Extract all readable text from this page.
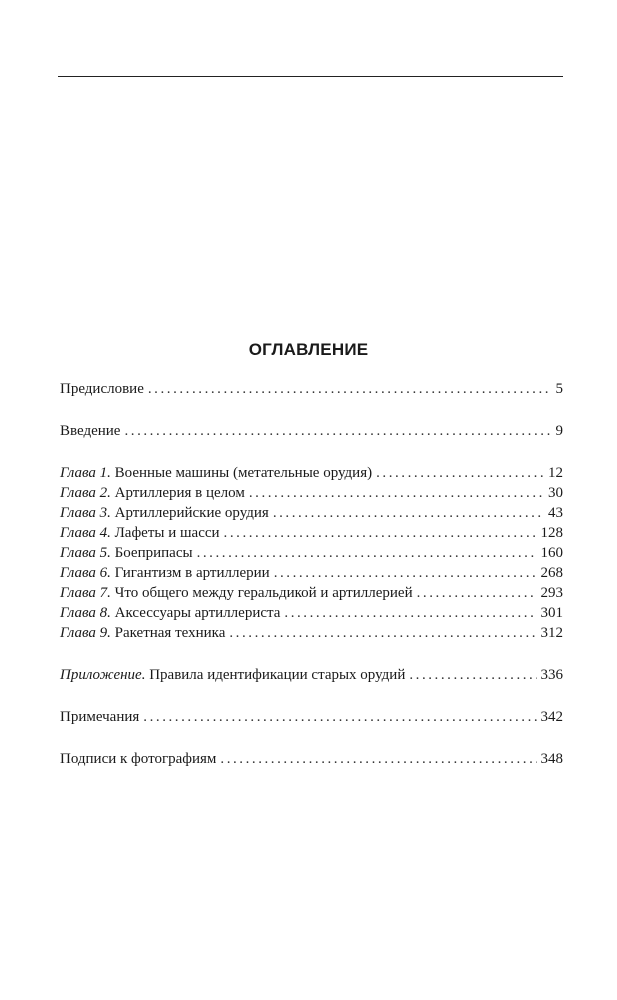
ОГЛАВЛЕНИЕ
Предисловие . . .	5
Введение . . .	9
Глава 1. Военные машины (метательные орудия) . . .	12
Глава 2. Артиллерия в целом . . .	30
Глава 3. Артиллерийские орудия . . .	43
Глава 4. Лафеты и шасси . . .	128
Глава 5. Боеприпасы . . .	160
Глава 6. Гигантизм в артиллерии . . .	268
Глава 7. Что общего между геральдикой и артиллерией . . .	293
Глава 8. Аксессуары артиллериста . . .	301
Глава 9. Ракетная техника . . .	312
Приложение. Правила идентификации старых орудий . . .	336
Примечания . . .	342
Подписи к фотографиям . . .	348
